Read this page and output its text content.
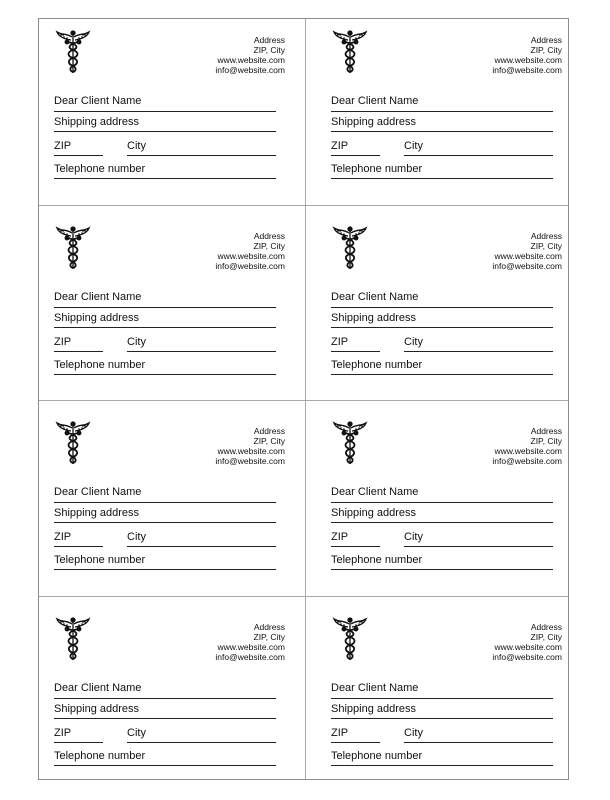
Address
ZIP, City
www.website.com
info@website.com
Dear Client Name
Shipping address
ZIP	City
Telephone number
Address
ZIP, City
www.website.com
info@website.com
Dear Client Name
Shipping address
ZIP	City
Telephone number
Address
ZIP, City
www.website.com
info@website.com
Dear Client Name
Shipping address
ZIP	City
Telephone number
Address
ZIP, City
www.website.com
info@website.com
Dear Client Name
Shipping address
ZIP	City
Telephone number
Address
ZIP, City
www.website.com
info@website.com
Dear Client Name
Shipping address
ZIP	City
Telephone number
Address
ZIP, City
www.website.com
info@website.com
Dear Client Name
Shipping address
ZIP	City
Telephone number
Address
ZIP, City
www.website.com
info@website.com
Dear Client Name
Shipping address
ZIP	City
Telephone number
Address
ZIP, City
www.website.com
info@website.com
Dear Client Name
Shipping address
ZIP	City
Telephone number
